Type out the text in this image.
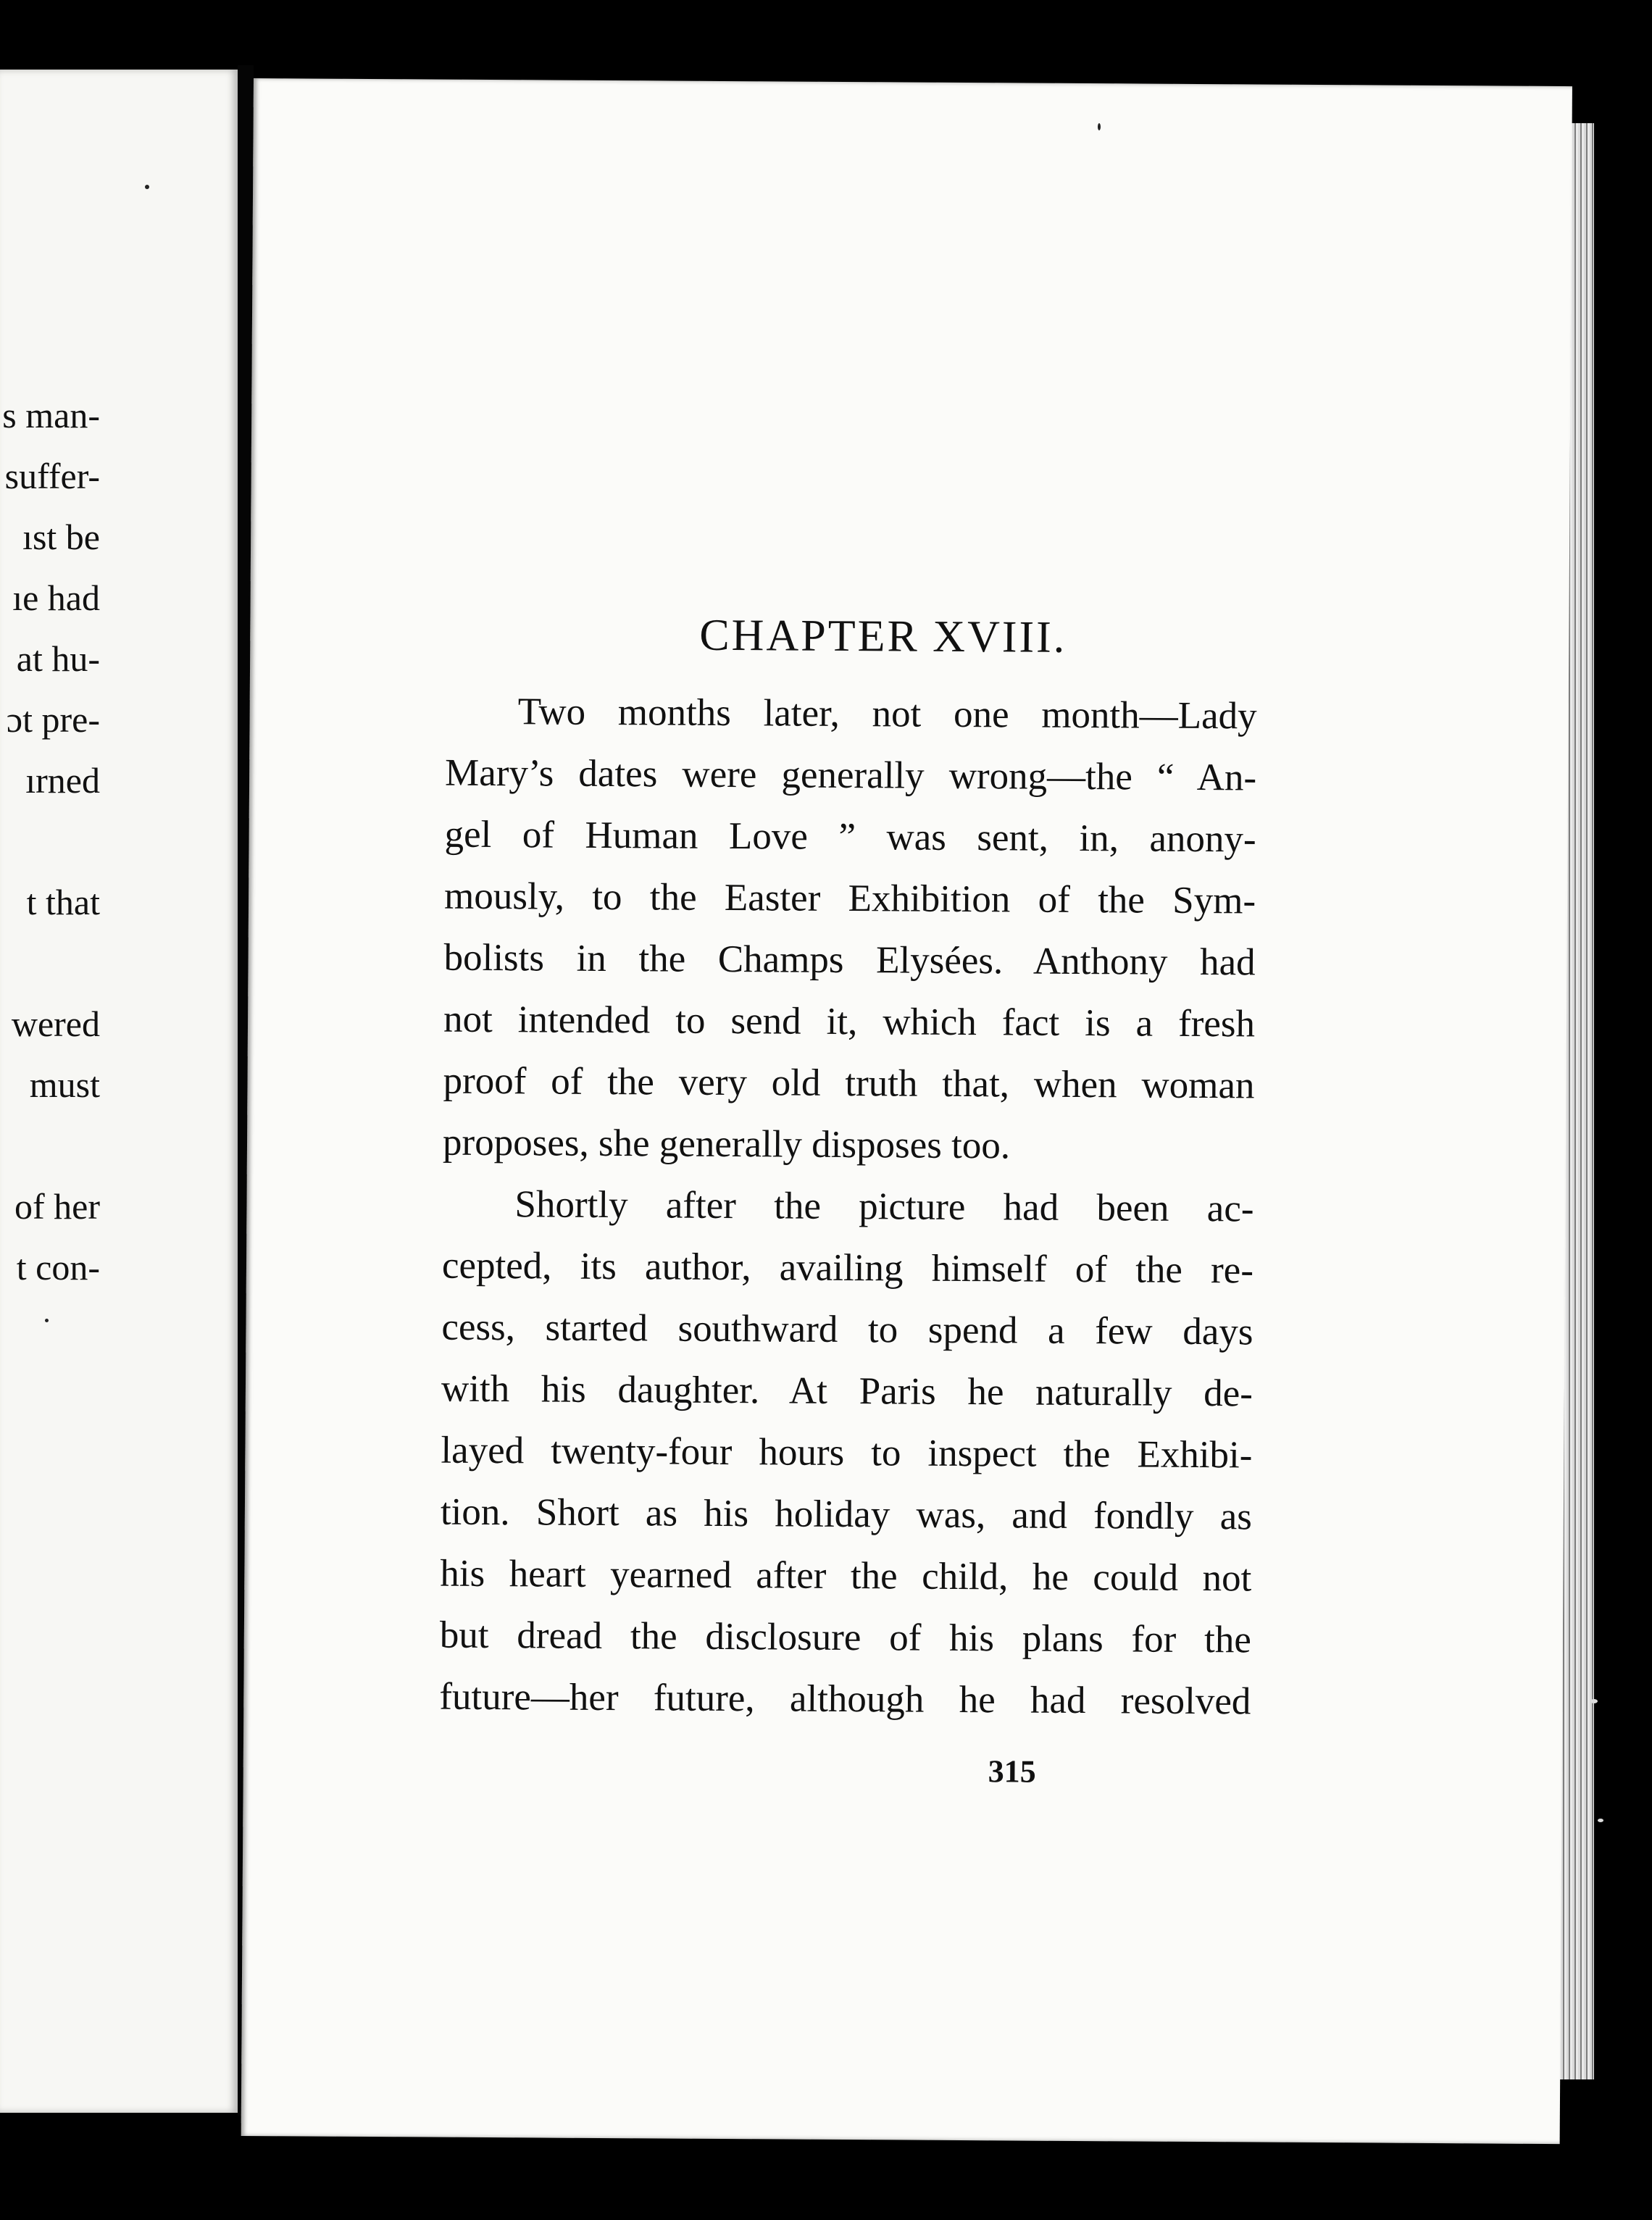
s man-
suffer-
ıst be
ıe had
at hu-
ɔt pre-
ırned
t that
wered
must
of her
t con-
CHAPTER XVIII.
Two months later, not one month—Lady
Mary’s dates were generally wrong—the “ An-
gel of Human Love ” was sent, in, anony-
mously, to the Easter Exhibition of the Sym-
bolists in the Champs Elysées. Anthony had
not intended to send it, which fact is a fresh
proof of the very old truth that, when woman
proposes, she generally disposes too.
Shortly after the picture had been ac-
cepted, its author, availing himself of the re-
cess, started southward to spend a few days
with his daughter. At Paris he naturally de-
layed twenty-four hours to inspect the Exhibi-
tion. Short as his holiday was, and fondly as
his heart yearned after the child, he could not
but dread the disclosure of his plans for the
future—her future, although he had resolved
315
